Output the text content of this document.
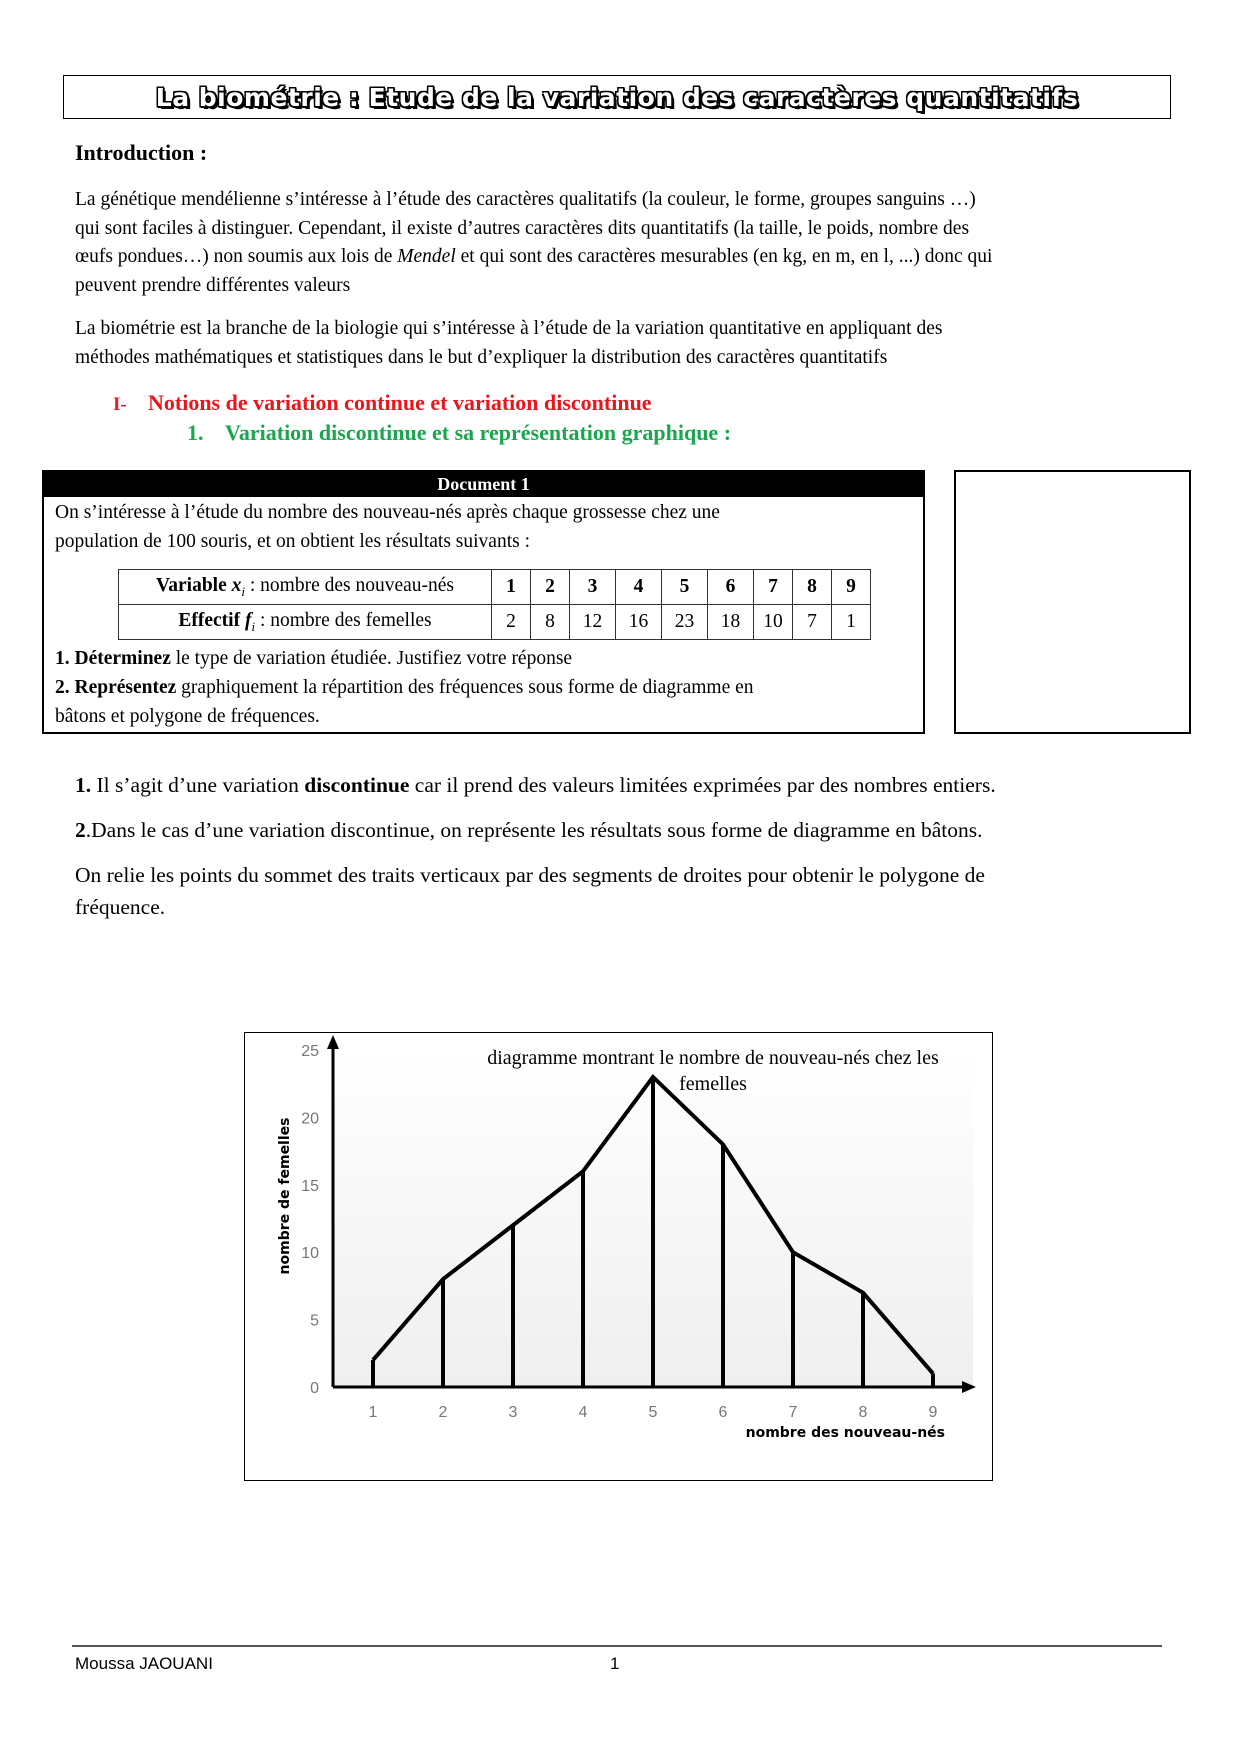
La biométrie : Etude de la variation des caractères quantitatifs
Introduction :
La génétique mendélienne s’intéresse à l’étude des caractères qualitatifs (la couleur, le forme, groupes sanguins …)
qui sont faciles à distinguer. Cependant, il existe d’autres caractères dits quantitatifs (la taille, le poids, nombre des
œufs pondues…) non soumis aux lois de Mendel et qui sont des caractères mesurables (en kg, en m, en l, ...) donc qui
peuvent prendre différentes valeurs
La biométrie est la branche de la biologie qui s’intéresse à l’étude de la variation quantitative en appliquant des
méthodes mathématiques et statistiques dans le but d’expliquer la distribution des caractères quantitatifs
I- Notions de variation continue et variation discontinue
1. Variation discontinue et sa représentation graphique :
Document 1
On s’intéresse à l’étude du nombre des nouveau-nés après chaque grossesse chez une
population de 100 souris, et on obtient les résultats suivants :
Variable $x_i$ : nombre des nouveau-nés	1	2	3	4	5	6	7	8	9
Effectif $f_i$ : nombre des femelles	2	8	12	16	23	18	10	7	1
1. Déterminez le type de variation étudiée. Justifiez votre réponse
2. Représentez graphiquement la répartition des fréquences sous forme de diagramme en
bâtons et polygone de fréquences.
1. Il s’agit d’une variation discontinue car il prend des valeurs limitées exprimées par des nombres entiers.
2.Dans le cas d’une variation discontinue, on représente les résultats sous forme de diagramme en bâtons.
On relie les points du sommet des traits verticaux par des segments de droites pour obtenir le polygone de
fréquence.
0
5
10
15
20
25
1	2	3	4	5	6	7	8	9
diagramme montrant le nombre de nouveau-nés chez les
femelles
nombre des nouveau-nés
nombre de femelles
Moussa JAOUANI	1
